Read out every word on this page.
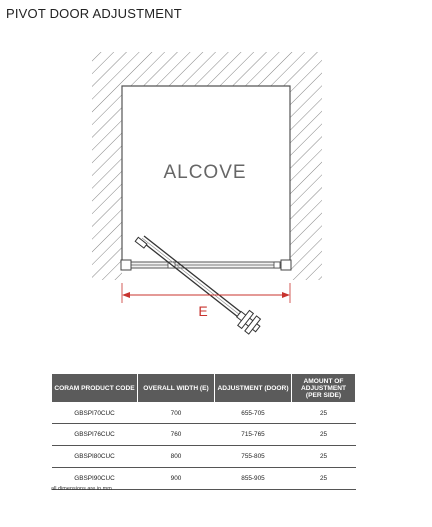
PIVOT DOOR ADJUSTMENT
ALCOVE
E
CORAM PRODUCT CODE	OVERALL WIDTH (E)	ADJUSTMENT (DOOR)	AMOUNT OF ADJUSTMENT (PER SIDE)
GBSPI70CUC	700	655-705	25
GBSPI76CUC	760	715-765	25
GBSPI80CUC	800	755-805	25
GBSPI90CUC	900	855-905	25
all dimensions are in mm
